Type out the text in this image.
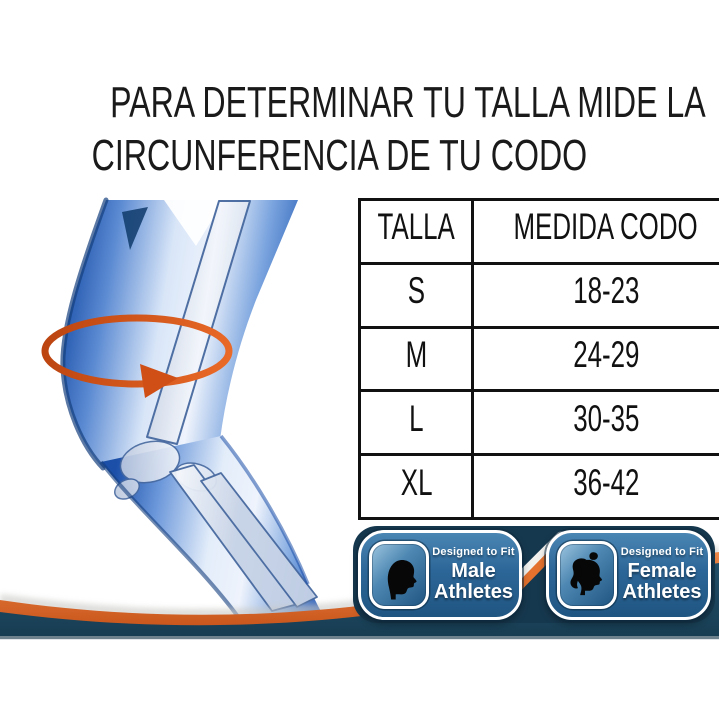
PARA DETERMINAR TU TALLA MIDE LA
CIRCUNFERENCIA DE TU CODO
TALLA	MEDIDA CODO
S	18-23
M	24-29
L	30-35
XL	36-42
Designed to Fit
Male
Athletes
Designed to Fit
Female
Athletes
